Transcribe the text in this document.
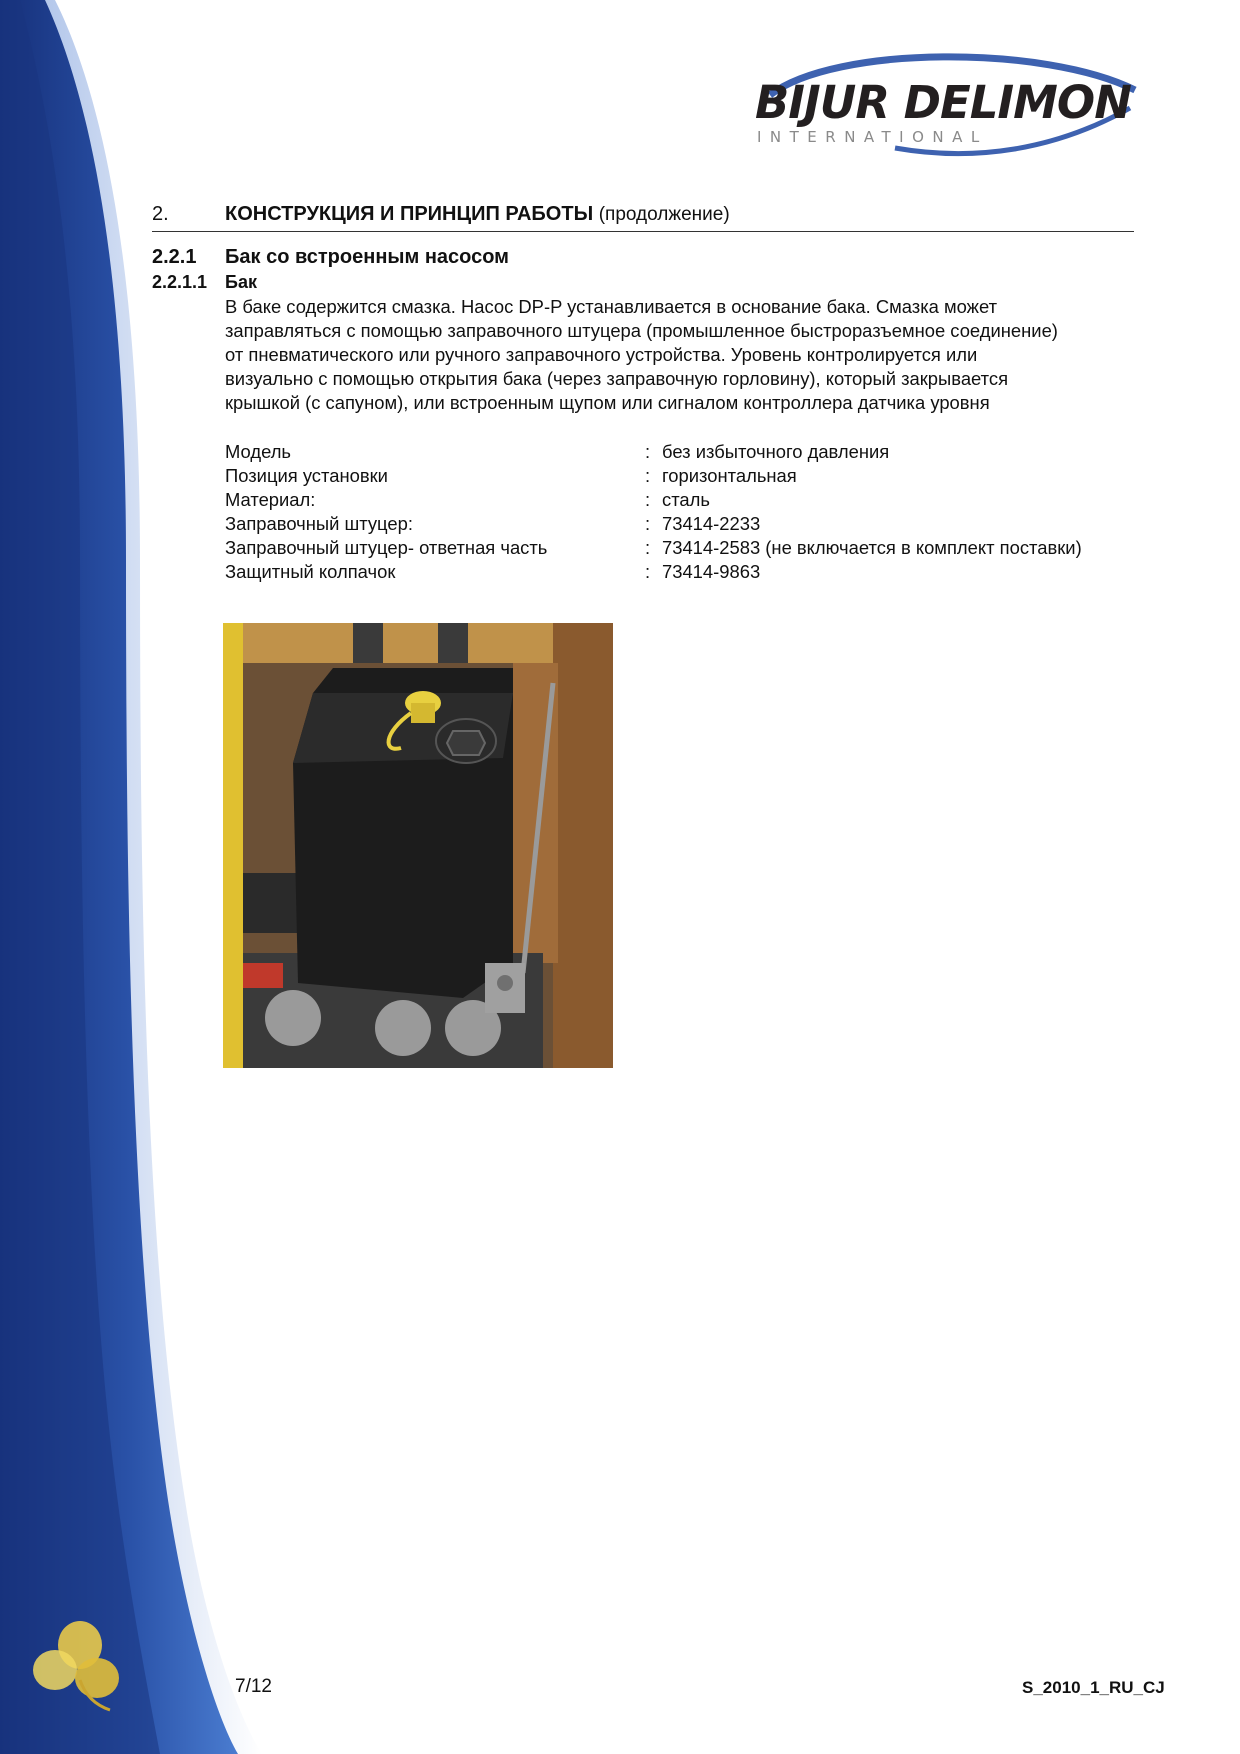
BIJUR DELIMON
INTERNATIONAL
2.	КОНСТРУКЦИЯ И ПРИНЦИП РАБОТЫ (продолжение)
2.2.1 Бак со встроенным насосом
2.2.1.1 Бак
В баке содержится смазка. Насос DP-P устанавливается в основание бака. Смазка может
заправляться с помощью заправочного штуцера (промышленное быстроразъемное соединение)
от пневматического или ручного заправочного устройства. Уровень контролируется или
визуально с помощью открытия бака (через заправочную горловину), который закрывается
крышкой (с сапуном), или встроенным щупом или сигналом контроллера датчика уровня
Модель	: без избыточного давления
Позиция установки	: горизонтальная
Материал:	: сталь
Заправочный штуцер:	: 73414-2233
Заправочный штуцер- ответная часть	: 73414-2583 (не включается в комплект поставки)
Защитный колпачок	: 73414-9863
7/12	S_2010_1_RU_CJ
